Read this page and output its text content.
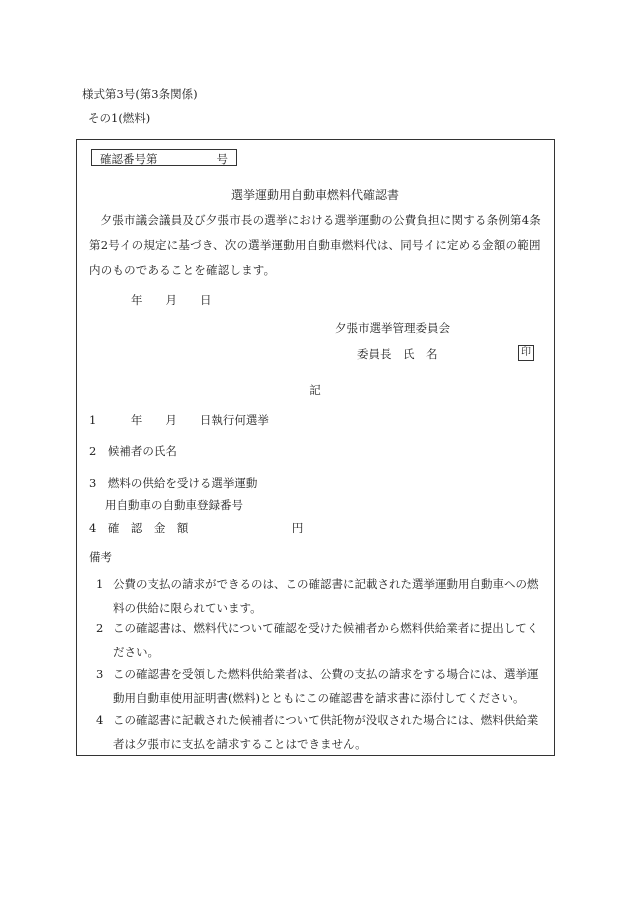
様式第3号(第3条関係)
その1(燃料)
確認番号第	号
選挙運動用自動車燃料代確認書
夕張市議会議員及び夕張市長の選挙における選挙運動の公費負担に関する条例第4条第2号イの規定に基づき、次の選挙運動用自動車燃料代は、同号イに定める金額の範囲内のものであることを確認します。
年　　月　　日
夕張市選挙管理委員会
委員長　氏　名	印
記
1　　　年　　月　　日執行何選挙
2　候補者の氏名
3　燃料の供給を受ける選挙運動
用自動車の自動車登録番号
4　確　認　金　額　　　　　　　　　円
備考
1 公費の支払の請求ができるのは、この確認書に記載された選挙運動用自動車への燃料の供給に限られています。
2 この確認書は、燃料代について確認を受けた候補者から燃料供給業者に提出してください。
3 この確認書を受領した燃料供給業者は、公費の支払の請求をする場合には、選挙運動用自動車使用証明書(燃料)とともにこの確認書を請求書に添付してください。
4 この確認書に記載された候補者について供託物が没収された場合には、燃料供給業者は夕張市に支払を請求することはできません。
